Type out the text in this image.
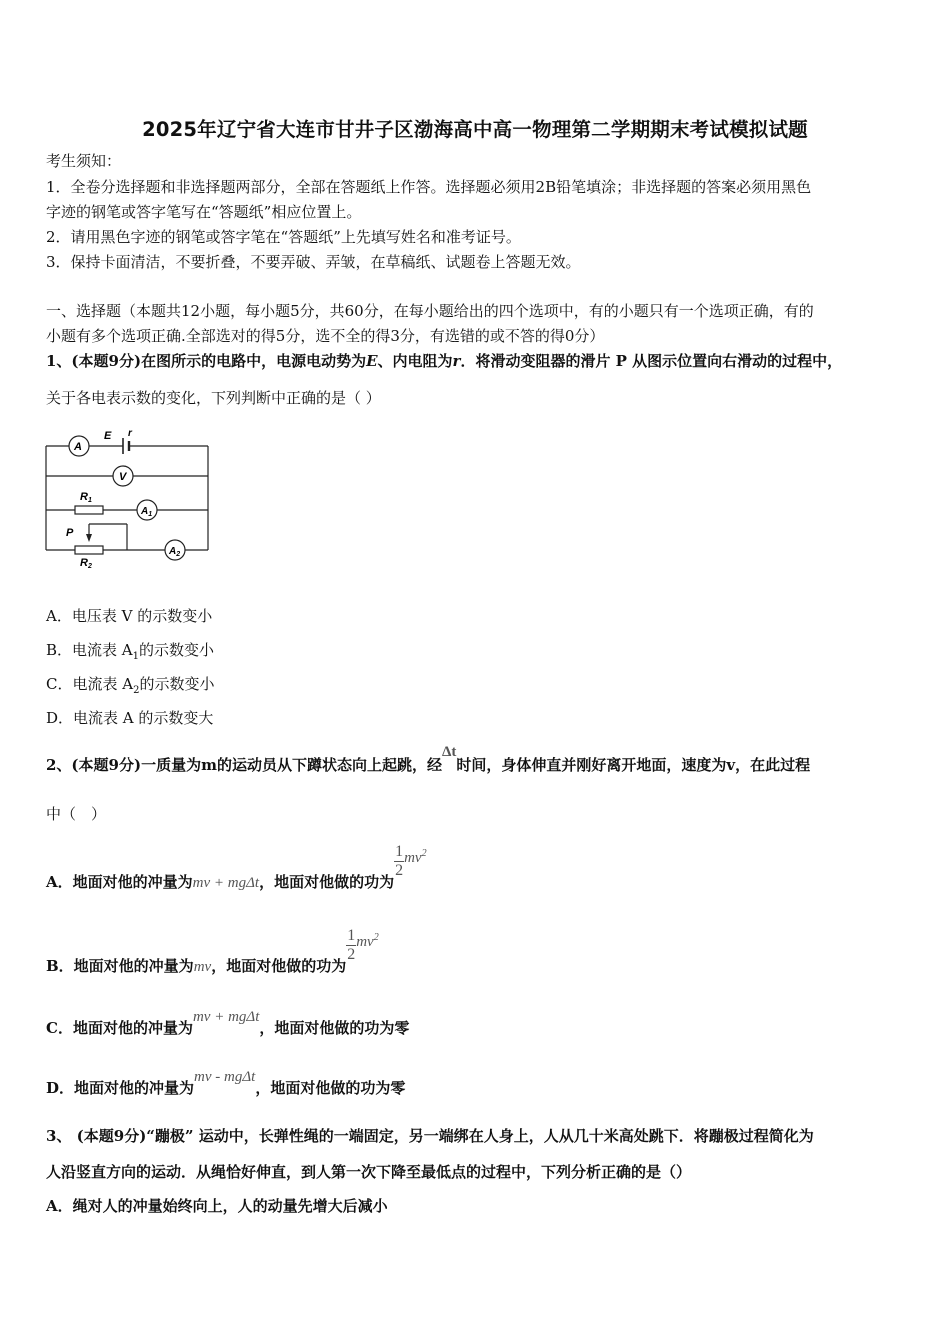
2025年辽宁省大连市甘井子区渤海高中高一物理第二学期期末考试模拟试题
考生须知：
1．全卷分选择题和非选择题两部分，全部在答题纸上作答。选择题必须用2B铅笔填涂；非选择题的答案必须用黑色
字迹的钢笔或答字笔写在“答题纸”相应位置上。
2．请用黑色字迹的钢笔或答字笔在“答题纸”上先填写姓名和准考证号。
3．保持卡面清洁，不要折叠，不要弄破、弄皱，在草稿纸、试题卷上答题无效。
一、选择题（本题共12小题，每小题5分，共60分，在每小题给出的四个选项中，有的小题只有一个选项正确，有的
小题有多个选项正确.全部选对的得5分，选不全的得3分，有选错的或不答的得0分）
1、(本题9分)在图所示的电路中，电源电动势为E、内电阻为r．将滑动变阻器的滑片 P 从图示位置向右滑动的过程中，
关于各电表示数的变化，下列判断中正确的是（ ）
A
E r
V
R1
$A_1$
P
R2
$A_2$
A．电压表 V 的示数变小
B．电流表 $A_1$的示数变小
C．电流表 $A_2$的示数变小
D．电流表 A 的示数变大
2、(本题9分)一质量为m的运动员从下蹲状态向上起跳，经Δt时间，身体伸直并刚好离开地面，速度为v，在此过程
中（　）
A．地面对他的冲量为mv + mgΔt，地面对他做的功为
$\frac{1}{2} mv^2$
B．地面对他的冲量为mv，地面对他做的功为
$\frac{1}{2} mv^2$
C．地面对他的冲量为mv + mgΔt，地面对他做的功为零
D．地面对他的冲量为mv - mgΔt，地面对他做的功为零
3、 (本题9分)“蹦极” 运动中，长弹性绳的一端固定，另一端绑在人身上，人从几十米高处跳下．将蹦极过程简化为
人沿竖直方向的运动．从绳恰好伸直，到人第一次下降至最低点的过程中，下列分析正确的是（）
A．绳对人的冲量始终向上，人的动量先增大后减小
